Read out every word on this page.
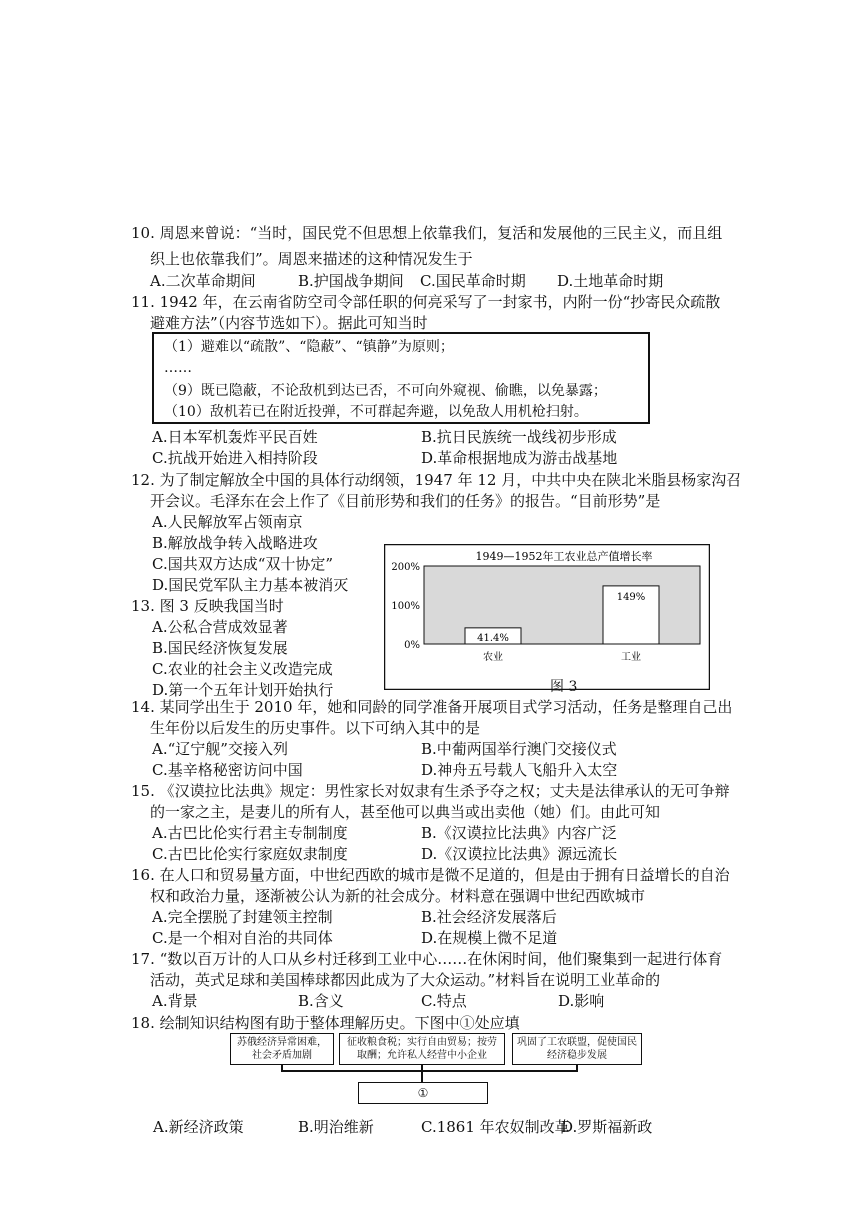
10. 周恩来曾说：“当时，国民党不但思想上依靠我们，复活和发展他的三民主义，而且组
织上也依靠我们”。周恩来描述的这种情况发生于
A.二次革命期间	B.护国战争期间 C.国民革命时期 D.土地革命时期
11. 1942 年，在云南省防空司令部任职的何亮采写了一封家书，内附一份“抄寄民众疏散
避难方法”（内容节选如下）。据此可知当时
（1）避难以“疏散”、“隐蔽”、“镇静”为原则；
……
（9）既已隐蔽，不论敌机到达已否，不可向外窥视、偷瞧，以免暴露；
（10）敌机若已在附近投弹，不可群起奔避，以免敌人用机枪扫射。
A.日本军机轰炸平民百姓	B.抗日民族统一战线初步形成
C.抗战开始进入相持阶段	D.革命根据地成为游击战基地
12. 为了制定解放全中国的具体行动纲领，1947 年 12 月，中共中央在陕北米脂县杨家沟召
开会议。毛泽东在会上作了《目前形势和我们的任务》的报告。“目前形势”是
A.人民解放军占领南京
B.解放战争转入战略进攻
C.国共双方达成“双十协定”
D.国民党军队主力基本被消灭
13. 图 3 反映我国当时
A.公私合营成效显著
B.国民经济恢复发展
C.农业的社会主义改造完成
D.第一个五年计划开始执行
1949—1952年工农业总产值增长率
0%
100%
200%
41.4%
农业
149%
工业
图 3
14. 某同学出生于 2010 年，她和同龄的同学准备开展项目式学习活动，任务是整理自己出
生年份以后发生的历史事件。以下可纳入其中的是
A.“辽宁舰”交接入列	B.中葡两国举行澳门交接仪式
C.基辛格秘密访问中国	D.神舟五号载人飞船升入太空
15. 《汉谟拉比法典》规定：男性家长对奴隶有生杀予夺之权；丈夫是法律承认的无可争辩
的一家之主，是妻儿的所有人，甚至他可以典当或出卖他（她）们。由此可知
A.古巴比伦实行君主专制制度	B.《汉谟拉比法典》内容广泛
C.古巴比伦实行家庭奴隶制度	D.《汉谟拉比法典》源远流长
16. 在人口和贸易量方面，中世纪西欧的城市是微不足道的，但是由于拥有日益增长的自治
权和政治力量，逐渐被公认为新的社会成分。材料意在强调中世纪西欧城市
A.完全摆脱了封建领主控制	B.社会经济发展落后
C.是一个相对自治的共同体	D.在规模上微不足道
17. “数以百万计的人口从乡村迁移到工业中心……在休闲时间，他们聚集到一起进行体育
活动，英式足球和美国棒球都因此成为了大众运动。”材料旨在说明工业革命的
A.背景	B.含义	C.特点	D.影响
18. 绘制知识结构图有助于整体理解历史。下图中①处应填
苏俄经济异常困难，社会矛盾加剧
征收粮食税；实行自由贸易；按劳取酬；允许私人经营中小企业
巩固了工农联盟，促使国民经济稳步发展
①
A.新经济政策	B.明治维新	C.1861 年农奴制改革
D.罗斯福新政
